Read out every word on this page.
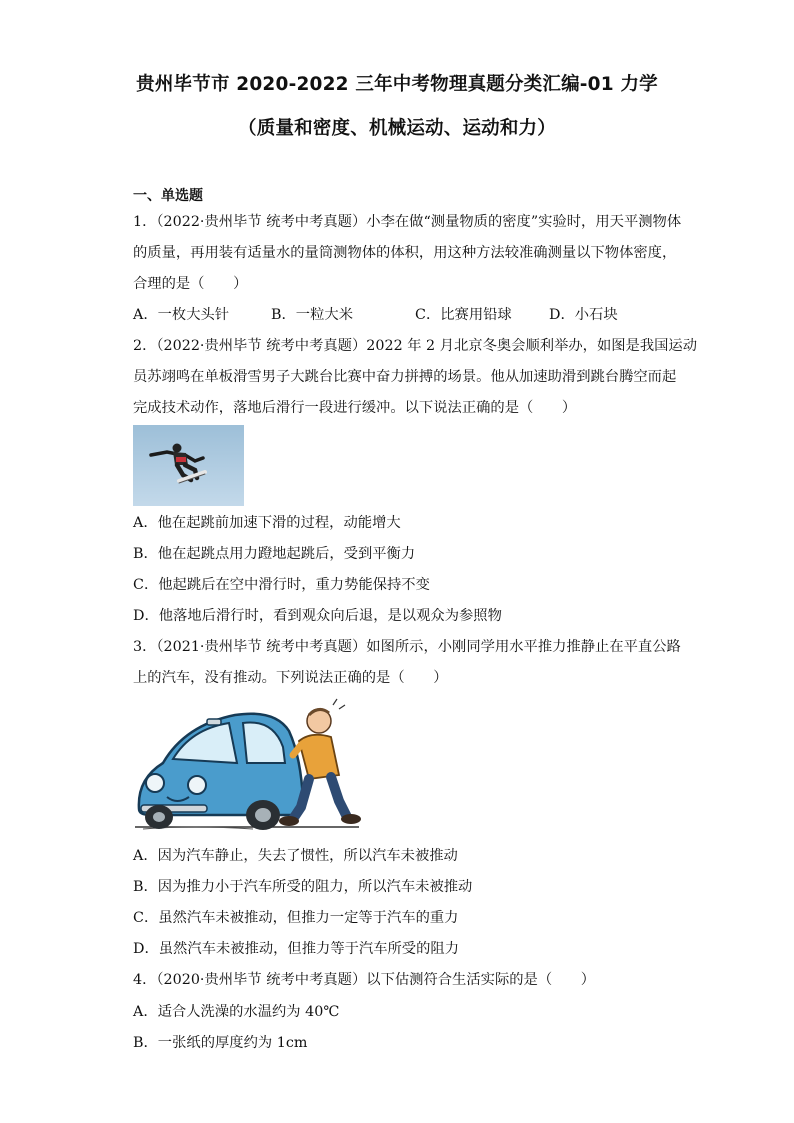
贵州毕节市 2020-2022 三年中考物理真题分类汇编-01 力学
（质量和密度、机械运动、运动和力）
一、单选题
1．（2022·贵州毕节 统考中考真题）小李在做“测量物质的密度”实验时，用天平测物体
的质量，再用装有适量水的量筒测物体的体积，用这种方法较准确测量以下物体密度，
合理的是（　　）
A．一枚大头针	B．一粒大米	C．比赛用铅球	D．小石块
2．（2022·贵州毕节 统考中考真题）2022 年 2 月北京冬奥会顺利举办，如图是我国运动
员苏翊鸣在单板滑雪男子大跳台比赛中奋力拼搏的场景。他从加速助滑到跳台腾空而起
完成技术动作，落地后滑行一段进行缓冲。以下说法正确的是（　　）
A．他在起跳前加速下滑的过程，动能增大
B．他在起跳点用力蹬地起跳后，受到平衡力
C．他起跳后在空中滑行时，重力势能保持不变
D．他落地后滑行时，看到观众向后退，是以观众为参照物
3．（2021·贵州毕节 统考中考真题）如图所示，小刚同学用水平推力推静止在平直公路
上的汽车，没有推动。下列说法正确的是（　　）
A．因为汽车静止，失去了惯性，所以汽车未被推动
B．因为推力小于汽车所受的阻力，所以汽车未被推动
C．虽然汽车未被推动，但推力一定等于汽车的重力
D．虽然汽车未被推动，但推力等于汽车所受的阻力
4．（2020·贵州毕节 统考中考真题）以下估测符合生活实际的是（　　）
A．适合人洗澡的水温约为 40℃
B．一张纸的厚度约为 1cm
